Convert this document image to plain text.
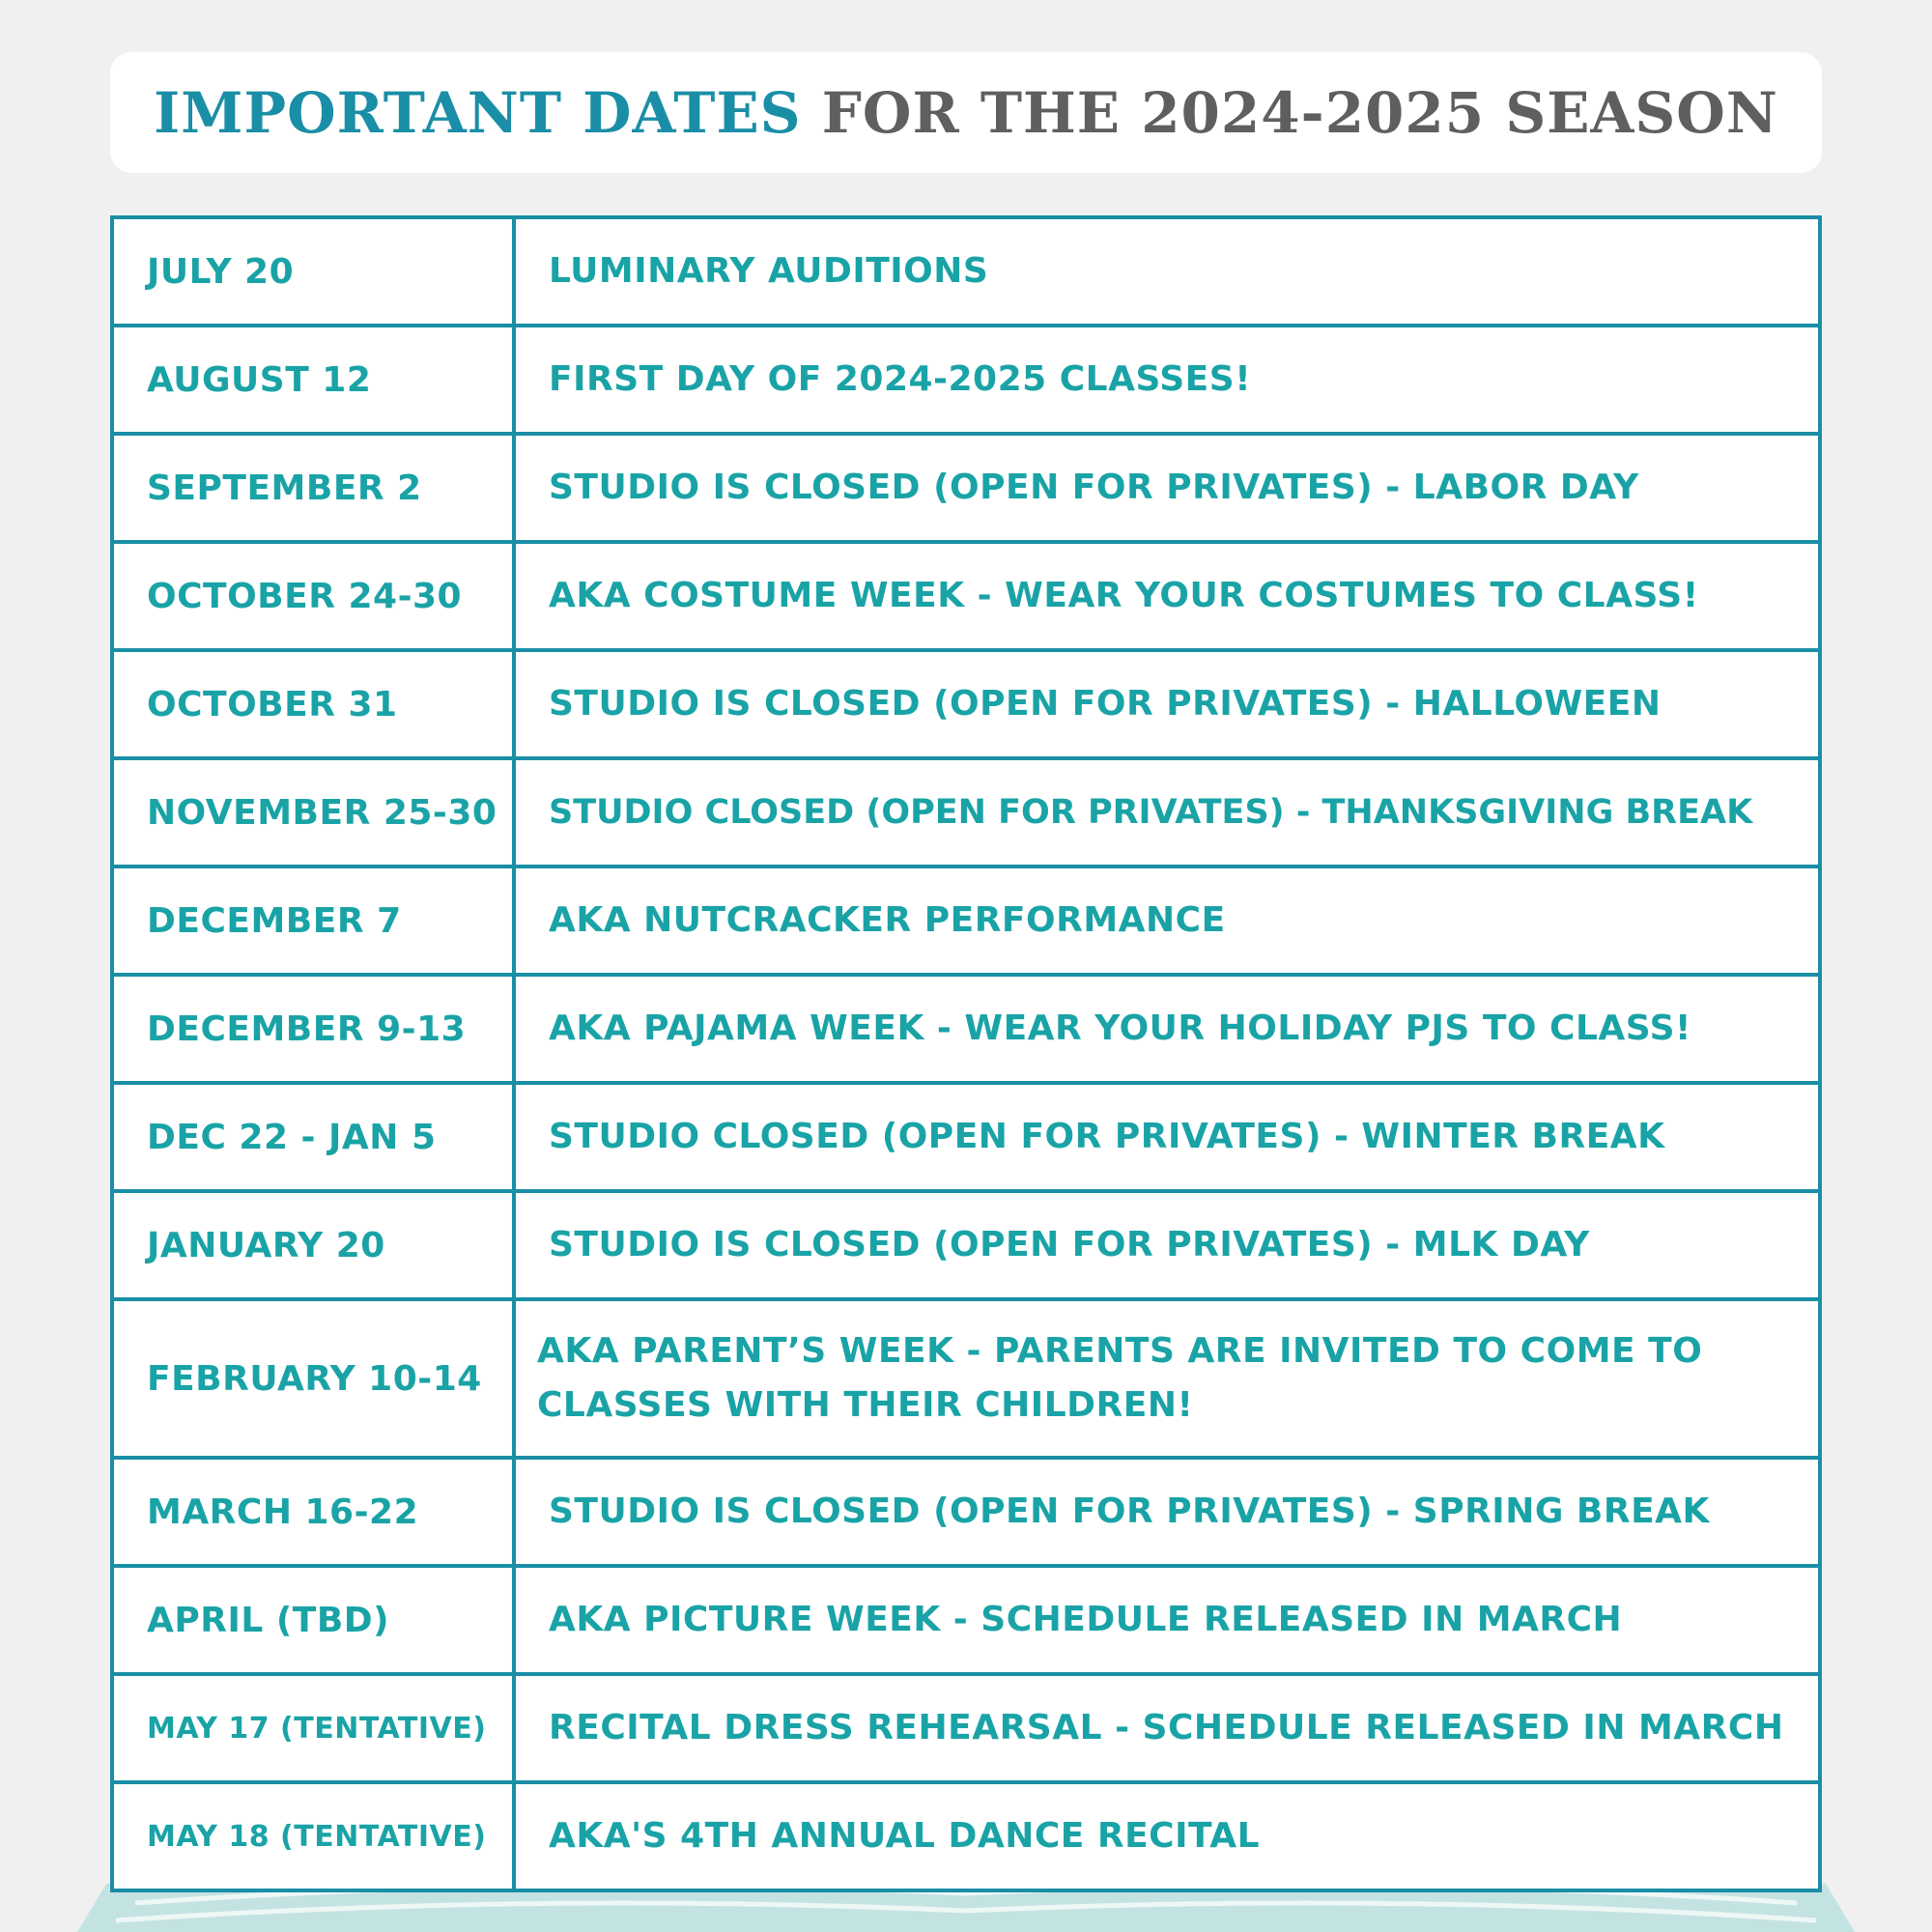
IMPORTANT DATES FOR THE 2024-2025 SEASON
JULY 20	LUMINARY AUDITIONS
AUGUST 12	FIRST DAY OF 2024-2025 CLASSES!
SEPTEMBER 2	STUDIO IS CLOSED (OPEN FOR PRIVATES) - LABOR DAY
OCTOBER 24-30	AKA COSTUME WEEK - WEAR YOUR COSTUMES TO CLASS!
OCTOBER 31	STUDIO IS CLOSED (OPEN FOR PRIVATES) - HALLOWEEN
NOVEMBER 25-30	STUDIO CLOSED (OPEN FOR PRIVATES) - THANKSGIVING BREAK
DECEMBER 7	AKA NUTCRACKER PERFORMANCE
DECEMBER 9-13	AKA PAJAMA WEEK - WEAR YOUR HOLIDAY PJS TO CLASS!
DEC 22 - JAN 5	STUDIO CLOSED (OPEN FOR PRIVATES) - WINTER BREAK
JANUARY 20	STUDIO IS CLOSED (OPEN FOR PRIVATES) - MLK DAY
FEBRUARY 10-14	AKA PARENT’S WEEK - PARENTS ARE INVITED TO COME TO CLASSES WITH THEIR CHILDREN!
MARCH 16-22	STUDIO IS CLOSED (OPEN FOR PRIVATES) - SPRING BREAK
APRIL (TBD)	AKA PICTURE WEEK - SCHEDULE RELEASED IN MARCH
MAY 17 (TENTATIVE)	RECITAL DRESS REHEARSAL - SCHEDULE RELEASED IN MARCH
MAY 18 (TENTATIVE)	AKA'S 4TH ANNUAL DANCE RECITAL
